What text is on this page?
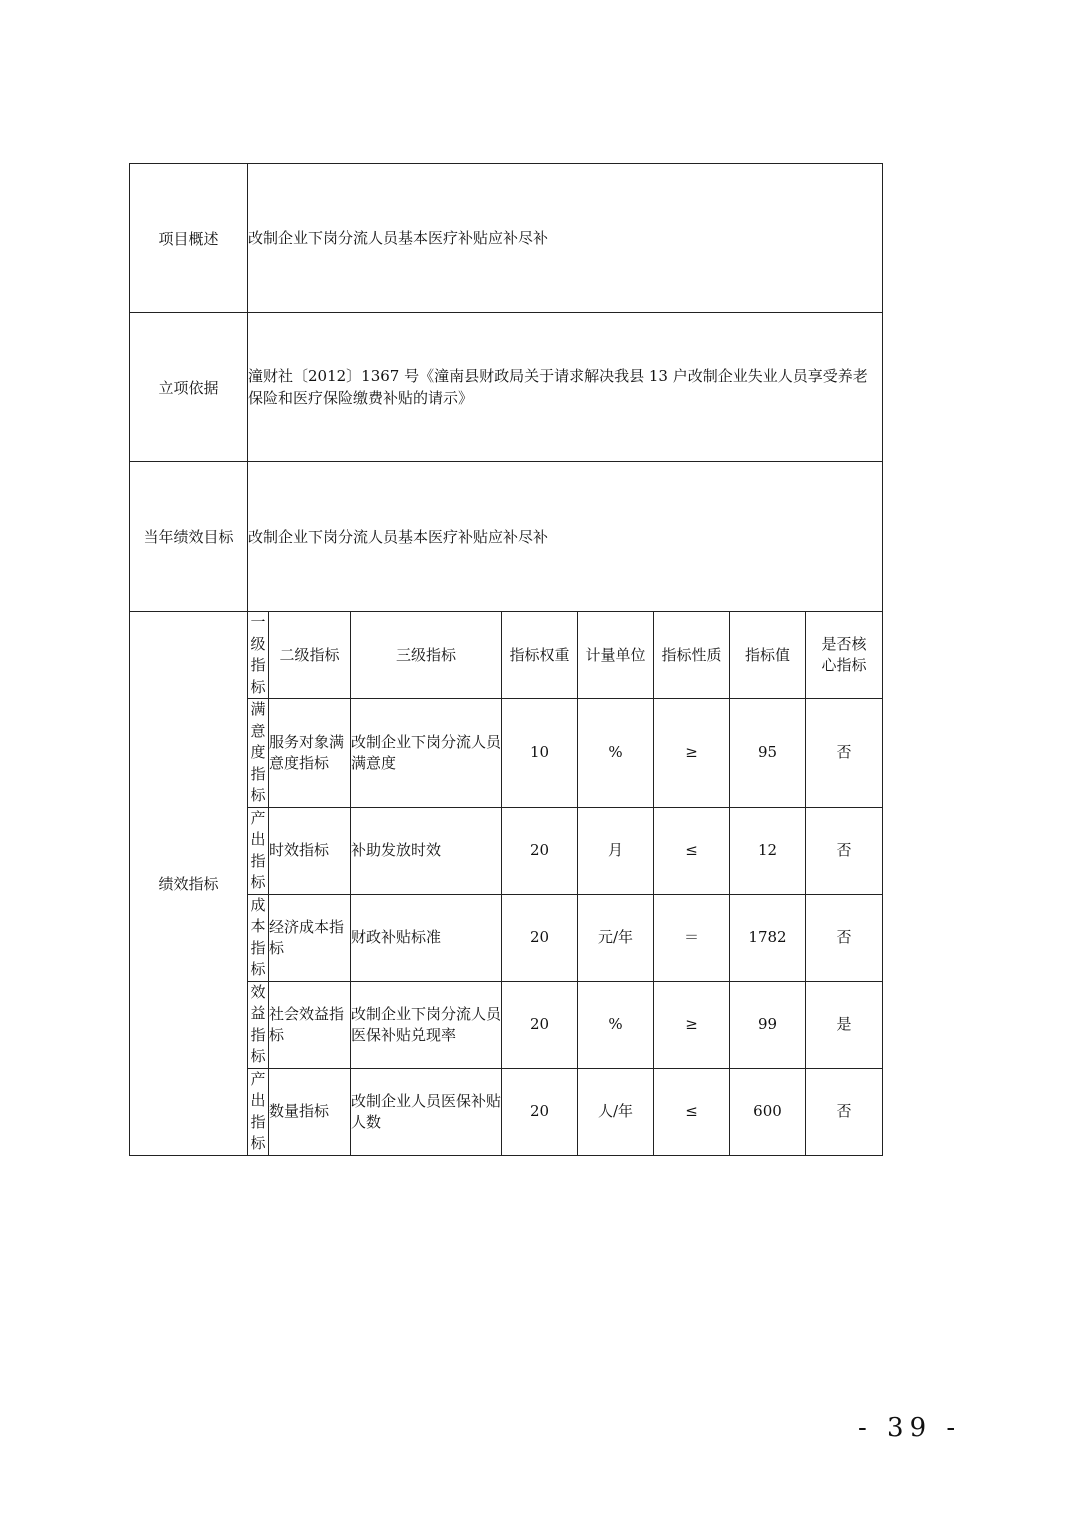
项目概述	改制企业下岗分流人员基本医疗补贴应补尽补							
立项依据	潼财社〔2012〕1367 号《潼南县财政局关于请求解决我县 13 户改制企业失业人员享受养老保险和医疗保险缴费补贴的请示》							
当年绩效目标	改制企业下岗分流人员基本医疗补贴应补尽补							
绩效指标	一级指标	二级指标	三级指标	指标权重	计量单位	指标性质	指标值	是否核心指标
	满意度指标	服务对象满意度指标	改制企业下岗分流人员满意度	10	%	≥	95	否
	产出指标	时效指标	补助发放时效	20	月	≤	12	否
	成本指标	经济成本指标	财政补贴标准	20	元/年	＝	1782	否
	效益指标	社会效益指标	改制企业下岗分流人员医保补贴兑现率	20	%	≥	99	是
	产出指标	数量指标	改制企业人员医保补贴人数	20	人/年	≤	600	否
- 39 -
